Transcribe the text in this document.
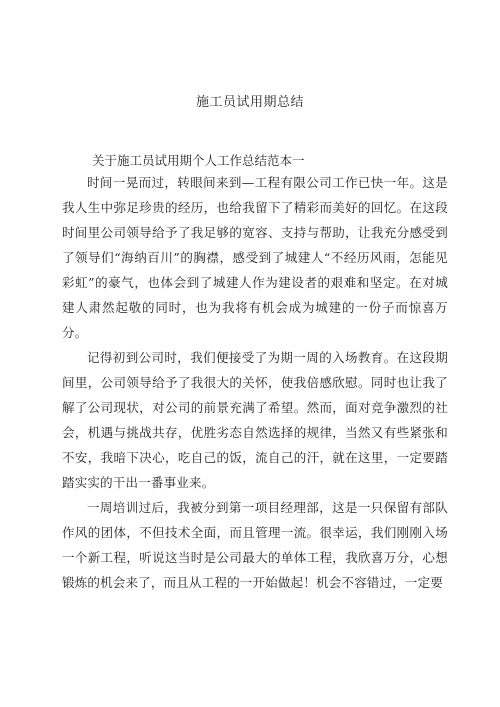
施工员试用期总结
关于施工员试用期个人工作总结范本一

时间一晃而过，转眼间来到—工程有限公司工作已快一年。这是我人生中弥足珍贵的经历，也给我留下了精彩而美好的回忆。在这段时间里公司领导给予了我足够的宽容、支持与帮助，让我充分感受到了领导们“海纳百川”的胸襟，感受到了城建人“不经历风雨，怎能见彩虹”的豪气，也体会到了城建人作为建设者的艰难和坚定。在对城建人肃然起敬的同时，也为我将有机会成为城建的一份子而惊喜万分。

记得初到公司时，我们便接受了为期一周的入场教育。在这段期间里，公司领导给予了我很大的关怀，使我倍感欣慰。同时也让我了解了公司现状，对公司的前景充满了希望。然而，面对竞争激烈的社会，机遇与挑战共存，优胜劣态自然选择的规律，当然又有些紧张和不安，我暗下决心，吃自己的饭，流自己的汗，就在这里，一定要踏踏实实的干出一番事业来。

一周培训过后，我被分到第一项目经理部，这是一只保留有部队作风的团体，不但技术全面，而且管理一流。很幸运，我们刚刚入场一个新工程，听说这当时是公司最大的单体工程，我欣喜万分，心想锻炼的机会来了，而且从工程的一开始做起！机会不容错过，一定要
